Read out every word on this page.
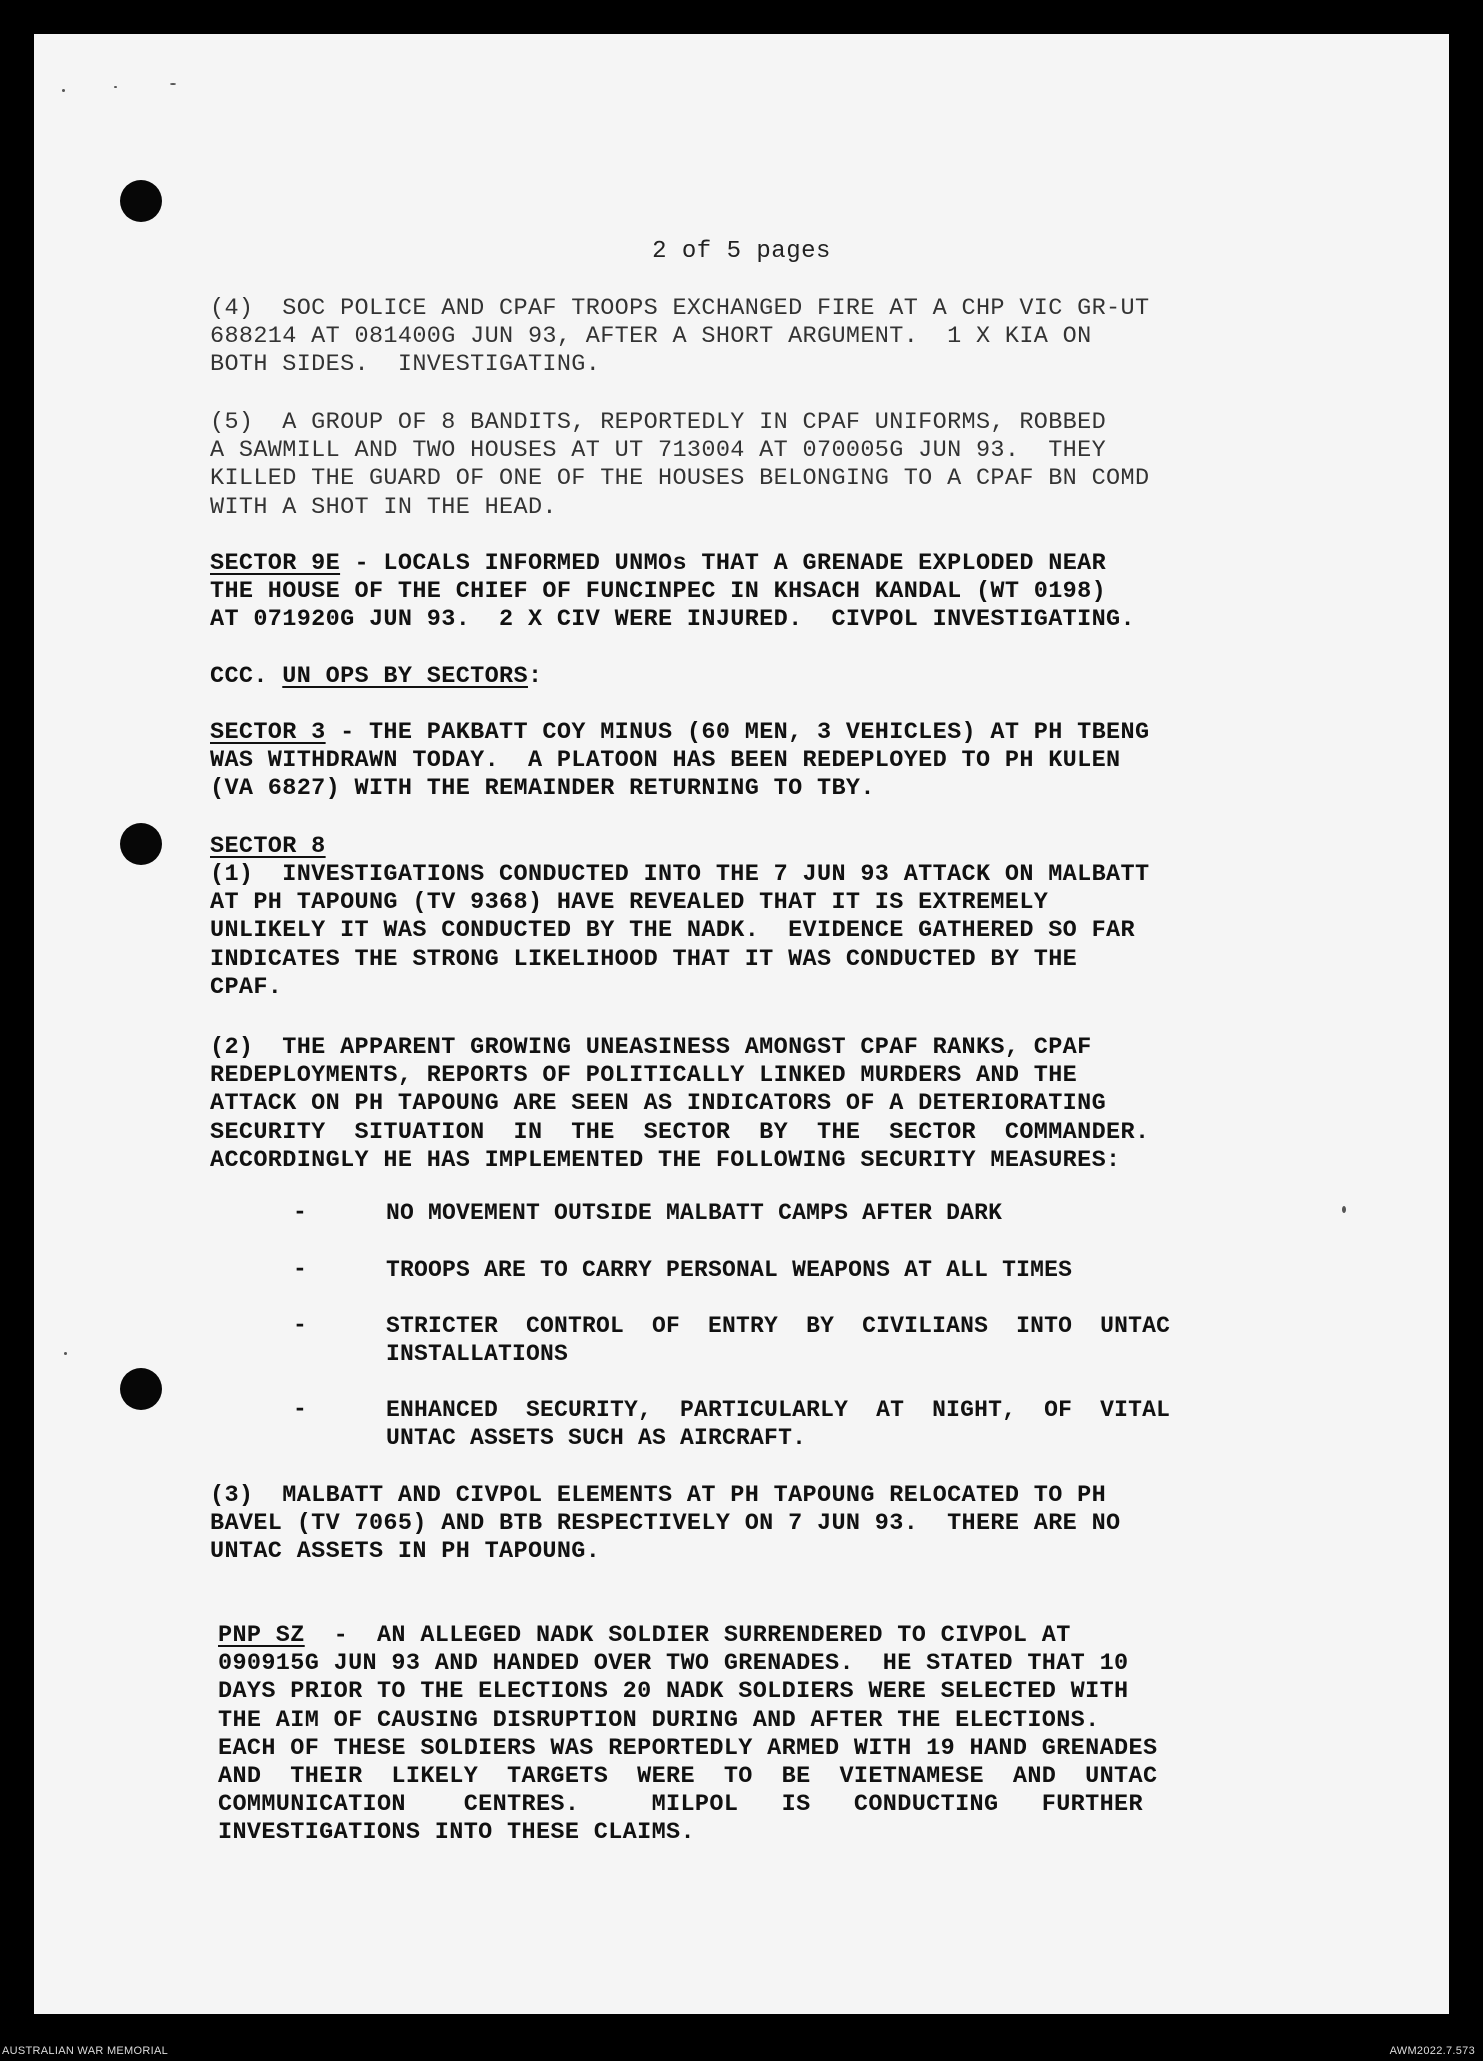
2 of 5 pages
(4)  SOC POLICE AND CPAF TROOPS EXCHANGED FIRE AT A CHP VIC GR-UT
688214 AT 081400G JUN 93, AFTER A SHORT ARGUMENT.  1 X KIA ON
BOTH SIDES.  INVESTIGATING.
(5)  A GROUP OF 8 BANDITS, REPORTEDLY IN CPAF UNIFORMS, ROBBED
A SAWMILL AND TWO HOUSES AT UT 713004 AT 070005G JUN 93.  THEY
KILLED THE GUARD OF ONE OF THE HOUSES BELONGING TO A CPAF BN COMD
WITH A SHOT IN THE HEAD.
SECTOR 9E - LOCALS INFORMED UNMOs THAT A GRENADE EXPLODED NEAR
THE HOUSE OF THE CHIEF OF FUNCINPEC IN KHSACH KANDAL (WT 0198)
AT 071920G JUN 93.  2 X CIV WERE INJURED.  CIVPOL INVESTIGATING.
CCC. UN OPS BY SECTORS:
SECTOR 3 - THE PAKBATT COY MINUS (60 MEN, 3 VEHICLES) AT PH TBENG
WAS WITHDRAWN TODAY.  A PLATOON HAS BEEN REDEPLOYED TO PH KULEN
(VA 6827) WITH THE REMAINDER RETURNING TO TBY.
SECTOR 8
(1)  INVESTIGATIONS CONDUCTED INTO THE 7 JUN 93 ATTACK ON MALBATT
AT PH TAPOUNG (TV 9368) HAVE REVEALED THAT IT IS EXTREMELY
UNLIKELY IT WAS CONDUCTED BY THE NADK.  EVIDENCE GATHERED SO FAR
INDICATES THE STRONG LIKELIHOOD THAT IT WAS CONDUCTED BY THE
CPAF.
(2)  THE APPARENT GROWING UNEASINESS AMONGST CPAF RANKS, CPAF
REDEPLOYMENTS, REPORTS OF POLITICALLY LINKED MURDERS AND THE
ATTACK ON PH TAPOUNG ARE SEEN AS INDICATORS OF A DETERIORATING
SECURITY  SITUATION  IN  THE  SECTOR  BY  THE  SECTOR  COMMANDER.
ACCORDINGLY HE HAS IMPLEMENTED THE FOLLOWING SECURITY MEASURES:
-	NO MOVEMENT OUTSIDE MALBATT CAMPS AFTER DARK
-	TROOPS ARE TO CARRY PERSONAL WEAPONS AT ALL TIMES
-	STRICTER  CONTROL  OF  ENTRY  BY  CIVILIANS  INTO  UNTAC
INSTALLATIONS
-	ENHANCED  SECURITY,  PARTICULARLY  AT  NIGHT,  OF  VITAL
UNTAC ASSETS SUCH AS AIRCRAFT.
(3)  MALBATT AND CIVPOL ELEMENTS AT PH TAPOUNG RELOCATED TO PH
BAVEL (TV 7065) AND BTB RESPECTIVELY ON 7 JUN 93.  THERE ARE NO
UNTAC ASSETS IN PH TAPOUNG.
PNP SZ  -  AN ALLEGED NADK SOLDIER SURRENDERED TO CIVPOL AT
090915G JUN 93 AND HANDED OVER TWO GRENADES.  HE STATED THAT 10
DAYS PRIOR TO THE ELECTIONS 20 NADK SOLDIERS WERE SELECTED WITH
THE AIM OF CAUSING DISRUPTION DURING AND AFTER THE ELECTIONS.
EACH OF THESE SOLDIERS WAS REPORTEDLY ARMED WITH 19 HAND GRENADES
AND  THEIR  LIKELY  TARGETS  WERE  TO  BE  VIETNAMESE  AND  UNTAC
COMMUNICATION    CENTRES.     MILPOL   IS   CONDUCTING   FURTHER
INVESTIGATIONS INTO THESE CLAIMS.
AUSTRALIAN WAR MEMORIAL	AWM2022.7.573
